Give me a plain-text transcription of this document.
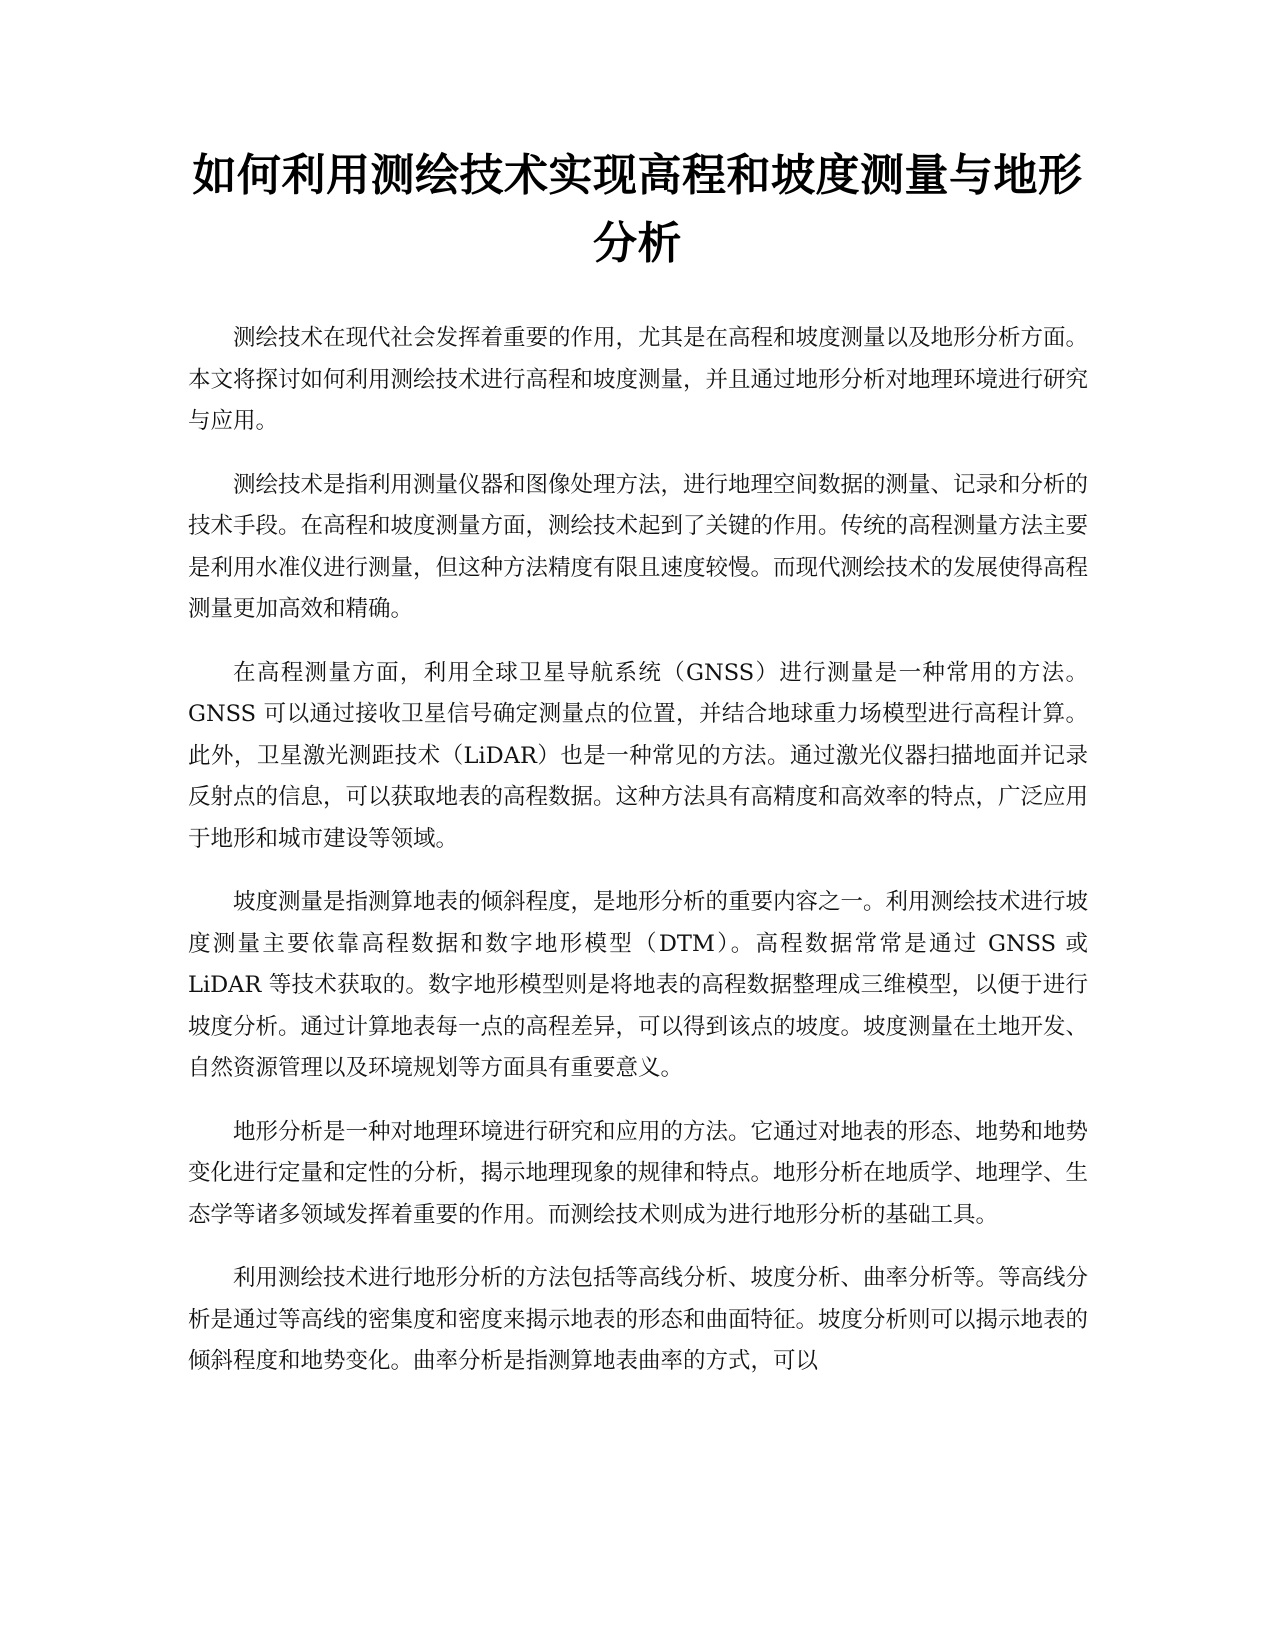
如何利用测绘技术实现高程和坡度测量与地形分析

测绘技术在现代社会发挥着重要的作用，尤其是在高程和坡度测量以及地形分析方面。本文将探讨如何利用测绘技术进行高程和坡度测量，并且通过地形分析对地理环境进行研究与应用。

测绘技术是指利用测量仪器和图像处理方法，进行地理空间数据的测量、记录和分析的技术手段。在高程和坡度测量方面，测绘技术起到了关键的作用。传统的高程测量方法主要是利用水准仪进行测量，但这种方法精度有限且速度较慢。而现代测绘技术的发展使得高程测量更加高效和精确。

在高程测量方面，利用全球卫星导航系统（GNSS）进行测量是一种常用的方法。GNSS 可以通过接收卫星信号确定测量点的位置，并结合地球重力场模型进行高程计算。此外，卫星激光测距技术（LiDAR）也是一种常见的方法。通过激光仪器扫描地面并记录反射点的信息，可以获取地表的高程数据。这种方法具有高精度和高效率的特点，广泛应用于地形和城市建设等领域。

坡度测量是指测算地表的倾斜程度，是地形分析的重要内容之一。利用测绘技术进行坡度测量主要依靠高程数据和数字地形模型（DTM）。高程数据常常是通过 GNSS 或 LiDAR 等技术获取的。数字地形模型则是将地表的高程数据整理成三维模型，以便于进行坡度分析。通过计算地表每一点的高程差异，可以得到该点的坡度。坡度测量在土地开发、自然资源管理以及环境规划等方面具有重要意义。

地形分析是一种对地理环境进行研究和应用的方法。它通过对地表的形态、地势和地势变化进行定量和定性的分析，揭示地理现象的规律和特点。地形分析在地质学、地理学、生态学等诸多领域发挥着重要的作用。而测绘技术则成为进行地形分析的基础工具。

利用测绘技术进行地形分析的方法包括等高线分析、坡度分析、曲率分析等。等高线分析是通过等高线的密集度和密度来揭示地表的形态和曲面特征。坡度分析则可以揭示地表的倾斜程度和地势变化。曲率分析是指测算地表曲率的方式，可以
